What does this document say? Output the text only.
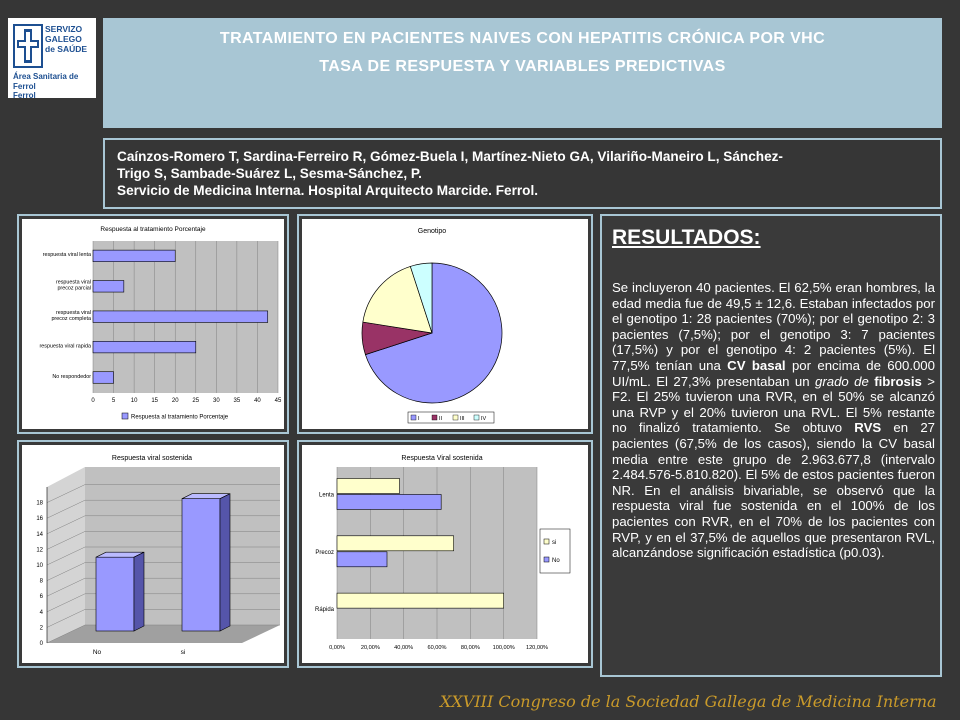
SERVIZO
GALEGO
de SAÚDE
Área Sanitaria de Ferrol
Ferrol
TRATAMIENTO EN PACIENTES NAIVES CON HEPATITIS CRÓNICA POR VHC
TASA DE RESPUESTA Y VARIABLES PREDICTIVAS
Caínzos-Romero T, Sardina-Ferreiro R, Gómez-Buela I, Martínez-Nieto GA, Vilariño-Maneiro L, Sánchez-
Trigo S, Sambade-Suárez L, Sesma-Sánchez, P.
Servicio de Medicina Interna. Hospital Arquitecto Marcide. Ferrol.
Respuesta al tratamiento Porcentaje
respuesta viral lenta
respuesta viral precoz parcial
respuesta viral precoz completa
respuesta viral rapida
No respondedor
0	5	10 15 20 25 30 35 40 45
Respuesta al tratamiento Porcentaje
Genotipo
I	II	III	IV
Respuesta viral sostenida
0
2
4
6
8
10
12
14
16
18
No	si
Respuesta Viral sostenida
Lenta
Precoz
Rápida
0,00%	20,00%	40,00%	60,00%	80,00% 100,00% 120,00%
si
No
RESULTADOS:
Se incluyeron 40 pacientes. El 62,5% eran hombres, la edad media fue de 49,5 ± 12,6. Estaban infectados por el genotipo 1: 28 pacientes (70%); por el genotipo 2: 3 pacientes (7,5%); por el genotipo 3: 7 pacientes (17,5%) y por el genotipo 4: 2 pacientes (5%). El 77,5% tenían una CV basal por encima de 600.000 UI/mL. El 27,3% presentaban un grado de fibrosis > F2. El 25% tuvieron una RVR, en el 50% se alcanzó una RVP y el 20% tuvieron una RVL. El 5% restante no finalizó tratamiento. Se obtuvo RVS en 27 pacientes (67,5% de los casos), siendo la CV basal media entre este grupo de 2.963.677,8 (intervalo 2.484.576-5.810.820). El 5% de estos pacientes fueron NR. En el análisis bivariable, se observó que la respuesta viral fue sostenida en el 100% de los pacientes con RVR, en el 70% de los pacientes con RVP, y en el 37,5% de aquellos que presentaron RVL, alcanzándose significación estadística (p0.03).
XXVIII Congreso de la Sociedad Gallega de Medicina Interna
